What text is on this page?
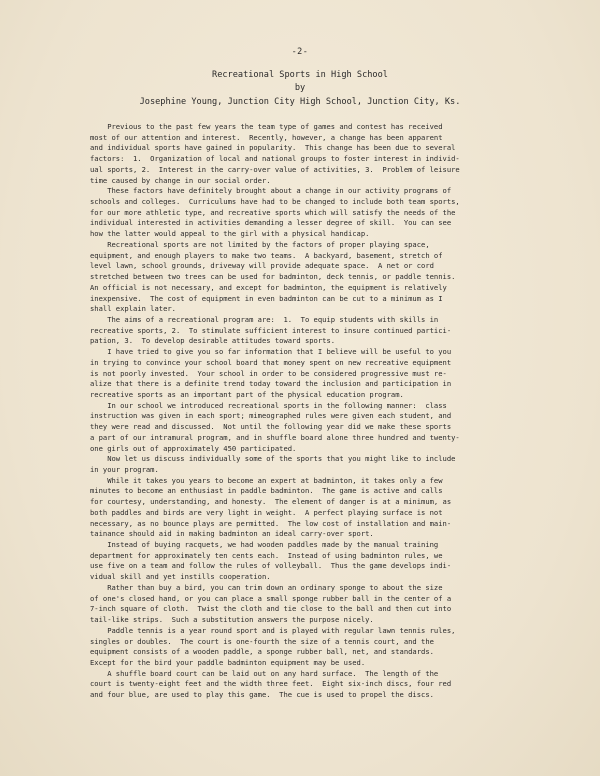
-2-
Recreational Sports in High School
by
Josephine Young, Junction City High School, Junction City, Ks.
Previous to the past few years the team type of games and contest has received
most of our attention and interest.  Recently, however, a change has been apparent
and individual sports have gained in popularity.  This change has been due to several
factors:  1.  Organization of local and national groups to foster interest in individ-
ual sports, 2.  Interest in the carry-over value of activities, 3.  Problem of leisure
time caused by change in our social order.
These factors have definitely brought about a change in our activity programs of
schools and colleges.  Curriculums have had to be changed to include both team sports,
for our more athletic type, and recreative sports which will satisfy the needs of the
individual interested in activities demanding a lesser degree of skill.  You can see
how the latter would appeal to the girl with a physical handicap.
Recreational sports are not limited by the factors of proper playing space,
equipment, and enough players to make two teams.  A backyard, basement, stretch of
level lawn, school grounds, driveway will provide adequate space.  A net or cord
stretched between two trees can be used for badminton, deck tennis, or paddle tennis.
An official is not necessary, and except for badminton, the equipment is relatively
inexpensive.  The cost of equipment in even badminton can be cut to a minimum as I
shall explain later.
The aims of a recreational program are:  1.  To equip students with skills in
recreative sports, 2.  To stimulate sufficient interest to insure continued partici-
pation, 3.  To develop desirable attitudes toward sports.
I have tried to give you so far information that I believe will be useful to you
in trying to convince your school board that money spent on new recreative equipment
is not poorly invested.  Your school in order to be considered progressive must re-
alize that there is a definite trend today toward the inclusion and participation in
recreative sports as an important part of the physical education program.
In our school we introduced recreational sports in the following manner:  class
instruction was given in each sport; mimeographed rules were given each student, and
they were read and discussed.  Not until the following year did we make these sports
a part of our intramural program, and in shuffle board alone three hundred and twenty-
one girls out of approximately 450 participated.
Now let us discuss individually some of the sports that you might like to include
in your program.
While it takes you years to become an expert at badminton, it takes only a few
minutes to become an enthusiast in paddle badminton.  The game is active and calls
for courtesy, understanding, and honesty.  The element of danger is at a minimum, as
both paddles and birds are very light in weight.  A perfect playing surface is not
necessary, as no bounce plays are permitted.  The low cost of installation and main-
tainance should aid in making badminton an ideal carry-over sport.
Instead of buying racquets, we had wooden paddles made by the manual training
department for approximately ten cents each.  Instead of using badminton rules, we
use five on a team and follow the rules of volleyball.  Thus the game develops indi-
vidual skill and yet instills cooperation.
Rather than buy a bird, you can trim down an ordinary sponge to about the size
of one's closed hand, or you can place a small sponge rubber ball in the center of a
7-inch square of cloth.  Twist the cloth and tie close to the ball and then cut into
tail-like strips.  Such a substitution answers the purpose nicely.
Paddle tennis is a year round sport and is played with regular lawn tennis rules,
singles or doubles.  The court is one-fourth the size of a tennis court, and the
equipment consists of a wooden paddle, a sponge rubber ball, net, and standards.
Except for the bird your paddle badminton equipment may be used.
A shuffle board court can be laid out on any hard surface.  The length of the
court is twenty-eight feet and the width three feet.  Eight six-inch discs, four red
and four blue, are used to play this game.  The cue is used to propel the discs.
